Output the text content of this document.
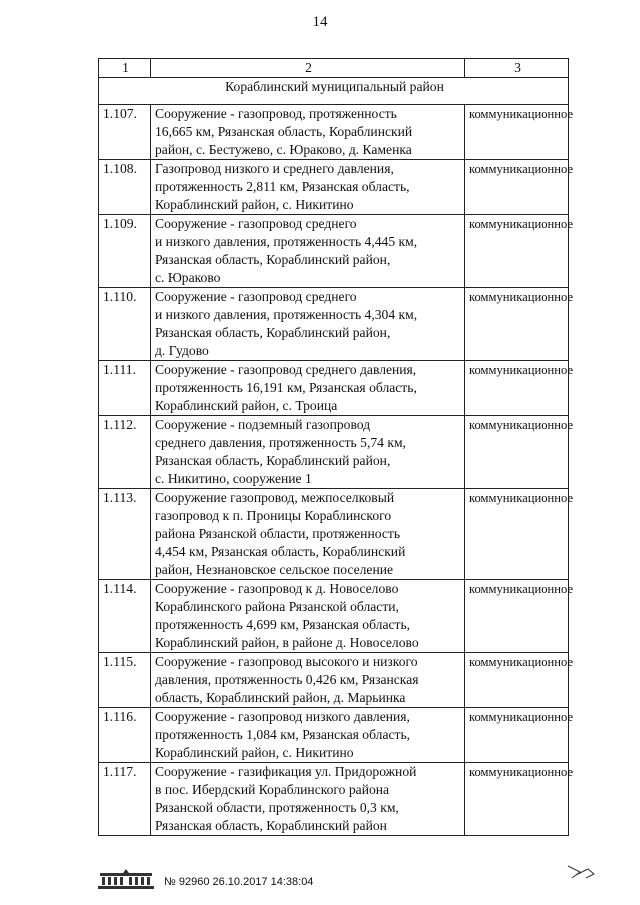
14
1	2	3
Кораблинский муниципальный район		
1.107.	Сооружение - газопровод, протяженность
16,665 км, Рязанская область, Кораблинский
район, с. Бестужево, с. Юраково, д. Каменка	коммуникационное
1.108.	Газопровод низкого и среднего давления,
протяженность 2,811 км, Рязанская область,
Кораблинский район, с. Никитино	коммуникационное
1.109.	Сооружение - газопровод среднего
и низкого давления, протяженность 4,445 км,
Рязанская область, Кораблинский район,
с. Юраково	коммуникационное
1.110.	Сооружение - газопровод среднего
и низкого давления, протяженность 4,304 км,
Рязанская область, Кораблинский район,
д. Гудово	коммуникационное
1.111.	Сооружение - газопровод среднего давления,
протяженность 16,191 км, Рязанская область,
Кораблинский район, с. Троица	коммуникационное
1.112.	Сооружение - подземный газопровод
среднего давления, протяженность 5,74 км,
Рязанская область, Кораблинский район,
с. Никитино, сооружение 1	коммуникационное
1.113.	Сооружение газопровод, межпоселковый
газопровод к п. Проницы Кораблинского
района Рязанской области, протяженность
4,454 км, Рязанская область, Кораблинский
район, Незнановское сельское поселение	коммуникационное
1.114.	Сооружение - газопровод к д. Новоселово
Кораблинского района Рязанской области,
протяженность 4,699 км, Рязанская область,
Кораблинский район, в районе д. Новоселово	коммуникационное
1.115.	Сооружение - газопровод высокого и низкого
давления, протяженность 0,426 км, Рязанская
область, Кораблинский район, д. Марьинка	коммуникационное
1.116.	Сооружение - газопровод низкого давления,
протяженность 1,084 км, Рязанская область,
Кораблинский район, с. Никитино	коммуникационное
1.117.	Сооружение - газификация ул. Придорожной
в пос. Ибердский Кораблинского района
Рязанской области, протяженность 0,3 км,
Рязанская область, Кораблинский район	коммуникационное
№ 92960 26.10.2017 14:38:04
